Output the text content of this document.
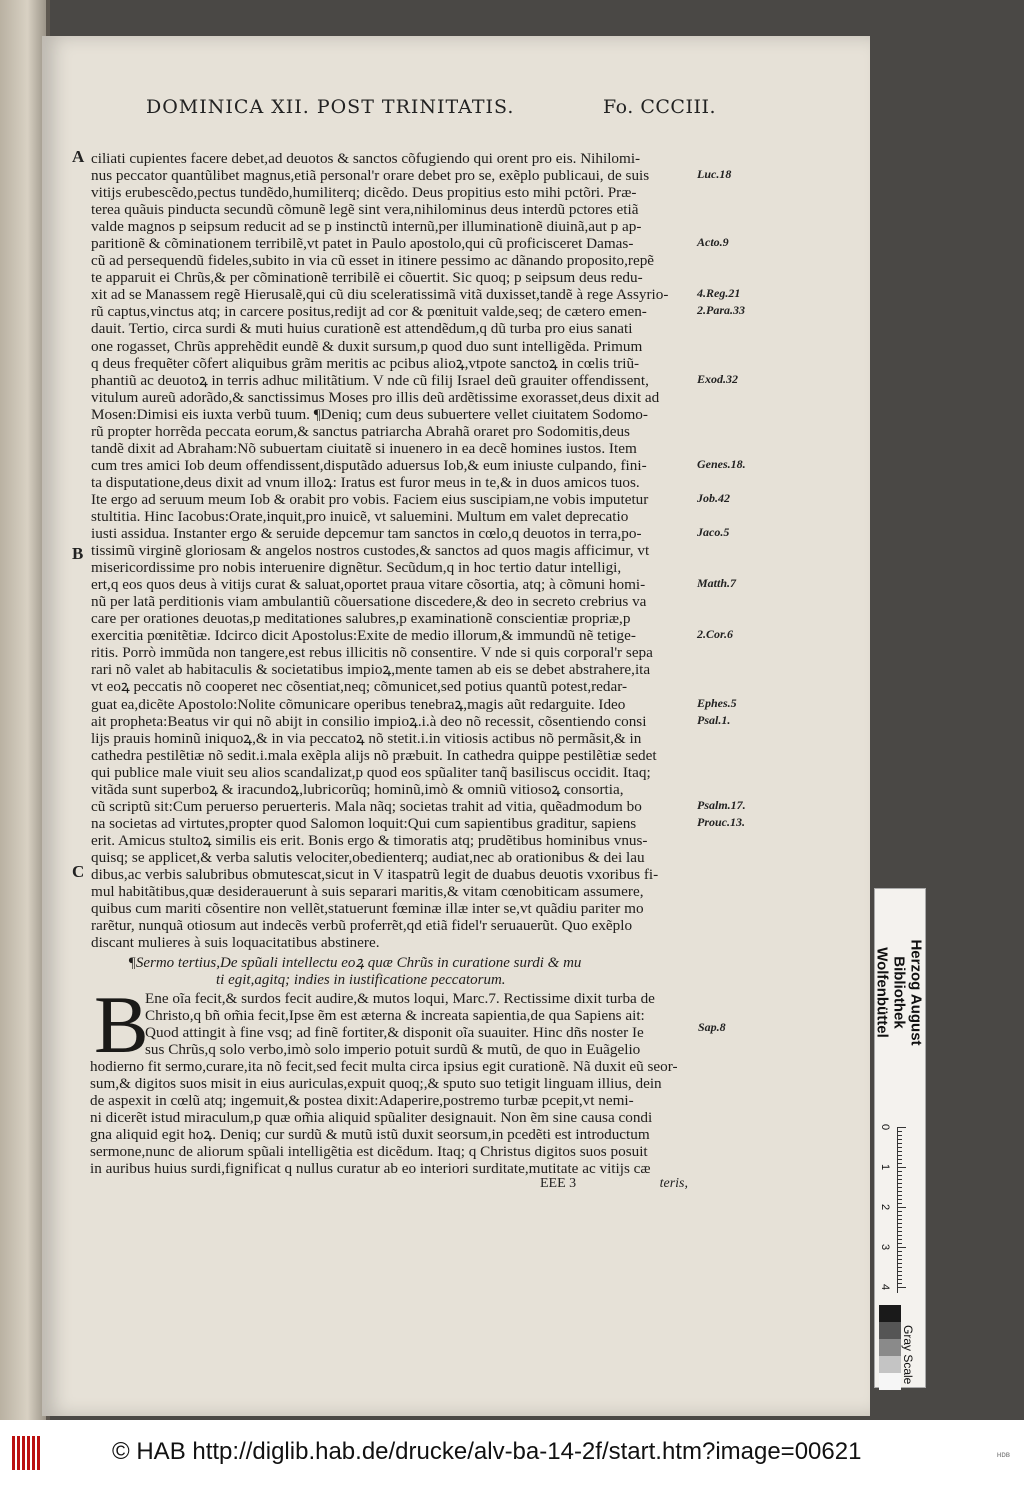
DOMINICA XII. POST TRINITATIS.	Fo. CCCIII.
A
B
C
ciliati cupientes facere debet,ad deuotos & sanctos cõfugiendo qui orent pro eis. Nihilomi-
nus peccator quantũlibet magnus,etiã personal'r orare debet pro se, exẽplo publicaui, de suis
vitijs erubescẽdo,pectus tundẽdo,humiliterq; dicẽdo. Deus propitius esto mihi pctõri. Præ-
terea quãuis pinducta secundũ cõmunẽ legẽ sint vera,nihilominus deus interdũ pctores etiã
valde magnos p seipsum reducit ad se p instinctũ internũ,per illuminationẽ diuinã,aut p ap-
paritionẽ & cõminationem terribilẽ,vt patet in Paulo apostolo,qui cũ proficisceret Damas-
cũ ad persequendũ fideles,subito in via cũ esset in itinere pessimo ac dãnando proposito,repẽ
te apparuit ei Chrũs,& per cõminationẽ terribilẽ ei cõuertit. Sic quoq; p seipsum deus redu-
xit ad se Manassem regẽ Hierusalẽ,qui cũ diu sceleratissimã vitã duxisset,tandẽ à rege Assyrio-
rũ captus,vinctus atq; in carcere positus,redijt ad cor & pœnituit valde,seq; de cætero emen-
dauit. Tertio, circa surdi & muti huius curationẽ est attendẽdum,q dũ turba pro eius sanati
one rogasset, Chrũs apprehẽdit eundẽ & duxit sursum,p quod duo sunt intelligẽda. Primum
q deus frequẽter cõfert aliquibus grãm meritis ac pcibus alioꝝ,vtpote sanctoꝝ in cœlis triũ-
phantiũ ac deuotoꝝ in terris adhuc militãtium. V nde cũ filij Israel deũ grauiter offendissent,
vitulum aureũ adorãdo,& sanctissimus Moses pro illis deũ ardẽtissime exorasset,deus dixit ad
Mosen:Dimisi eis iuxta verbũ tuum. ¶Deniq; cum deus subuertere vellet ciuitatem Sodomo-
rũ propter horrẽda peccata eorum,& sanctus patriarcha Abrahã oraret pro Sodomitis,deus
tandẽ dixit ad Abraham:Nõ subuertam ciuitatẽ si inuenero in ea decẽ homines iustos. Item
cum tres amici Iob deum offendissent,disputãdo aduersus Iob,& eum iniuste culpando, fini-
ta disputatione,deus dixit ad vnum illoꝝ: Iratus est furor meus in te,& in duos amicos tuos.
Ite ergo ad seruum meum Iob & orabit pro vobis. Faciem eius suscipiam,ne vobis imputetur
stultitia. Hinc Iacobus:Orate,inquit,pro inuicẽ, vt saluemini. Multum em valet deprecatio
iusti assidua. Instanter ergo & seruide depcemur tam sanctos in cœlo,q deuotos in terra,po-
tissimũ virginẽ gloriosam & angelos nostros custodes,& sanctos ad quos magis afficimur, vt
misericordissime pro nobis interuenire dignẽtur. Secũdum,q in hoc tertio datur intelligi,
ert,q eos quos deus à vitijs curat & saluat,oportet praua vitare cõsortia, atq; à cõmuni homi-
nũ per latã perditionis viam ambulantiũ cõuersatione discedere,& deo in secreto crebrius va
care per orationes deuotas,p meditationes salubres,p examinationẽ conscientiæ propriæ,p
exercitia pœnitẽtiæ. Idcirco dicit Apostolus:Exite de medio illorum,& immundũ nẽ tetige-
ritis. Porrò immũda non tangere,est rebus illicitis nõ consentire. V nde si quis corporal'r sepa
rari nõ valet ab habitaculis & societatibus impioꝝ,mente tamen ab eis se debet abstrahere,ita
vt eoꝝ peccatis nõ cooperet nec cõsentiat,neq; cõmunicet,sed potius quantũ potest,redar-
guat ea,dicẽte Apostolo:Nolite cõmunicare operibus tenebraꝝ,magis aũt redarguite. Ideo
ait propheta:Beatus vir qui nõ abijt in consilio impioꝝ.i.à deo nõ recessit, cõsentiendo consi
lijs prauis hominũ iniquoꝝ,& in via peccatoꝝ nõ stetit.i.in vitiosis actibus nõ permãsit,& in
cathedra pestilẽtiæ nõ sedit.i.mala exẽpla alijs nõ præbuit. In cathedra quippe pestilẽtiæ sedet
qui publice male viuit seu alios scandalizat,p quod eos spũaliter tanq̃ basiliscus occidit. Itaq;
vitãda sunt superboꝝ & iracundoꝝ,lubricorũq; hominũ,imò & omniũ vitiosoꝝ consortia,
cũ scriptũ sit:Cum peruerso peruerteris. Mala nãq; societas trahit ad vitia, quẽadmodum bo
na societas ad virtutes,propter quod Salomon loquit:Qui cum sapientibus graditur, sapiens
erit. Amicus stultoꝝ similis eis erit. Bonis ergo & timoratis atq; prudẽtibus hominibus vnus-
quisq; se applicet,& verba salutis velociter,obedienterq; audiat,nec ab orationibus & dei lau
dibus,ac verbis salubribus obmutescat,sicut in V itaspatrũ legit de duabus deuotis vxoribus fi-
mul habitãtibus,quæ desiderauerunt à suis separari maritis,& vitam cœnobiticam assumere,
quibus cum mariti cõsentire non vellẽt,statuerunt fœminæ illæ inter se,vt quãdiu pariter mo
rarẽtur, nunquã otiosum aut indecẽs verbũ proferrẽt,qd etiã fidel'r seruauerũt. Quo exẽplo
discant mulieres à suis loquacitatibus abstinere.
Luc.18
Acto.9
4.Reg.21
2.Para.33
Exod.32
Genes.18.
Job.42
Jaco.5
Matth.7
2.Cor.6
Ephes.5
Psal.1.
Psalm.17.
Prouc.13.
¶Sermo tertius,De spũali intellectu eoꝝ quæ Chrũs in curatione surdi & mu
ti egit,agitq; indies in iustificatione peccatorum.
B
Ene oĩa fecit,& surdos fecit audire,& mutos loqui, Marc.7. Rectissime dixit turba de
Christo,q bñ om̃ia fecit,Ipse ẽm est æterna & increata sapientia,de qua Sapiens ait:
Quod attingit à fine vsq; ad finẽ fortiter,& disponit oĩa suauiter. Hinc dñs noster Ie
sus Chrũs,q solo verbo,imò solo imperio potuit surdũ & mutũ, de quo in Euãgelio
hodierno fit sermo,curare,ita nõ fecit,sed fecit multa circa ipsius egit curationẽ. Nã duxit eũ seor-
sum,& digitos suos misit in eius auriculas,expuit quoq;,& sputo suo tetigit linguam illius, dein
de aspexit in cœlũ atq; ingemuit,& postea dixit:Adaperire,postremo turbæ pcepit,vt nemi-
ni dicerẽt istud miraculum,p quæ om̃ia aliquid spũaliter designauit. Non ẽm sine causa condi
gna aliquid egit hoꝝ. Deniq; cur surdũ & mutũ istũ duxit seorsum,in pcedẽti est introductum
sermone,nunc de aliorum spũali intelligẽtia est dicẽdum. Itaq; q Christus digitos suos posuit
in auribus huius surdi,fignificat q nullus curatur ab eo interiori surditate,mutitate ac vitijs cæ
Sap.8
EEE 3	teris,
Herzog August Bibliothek
Wolfenbüttel
0
1
2
3
4
Gray Scale
© HAB http://diglib.hab.de/drucke/alv-ba-14-2f/start.htm?image=00621	ʜᴅʙ
